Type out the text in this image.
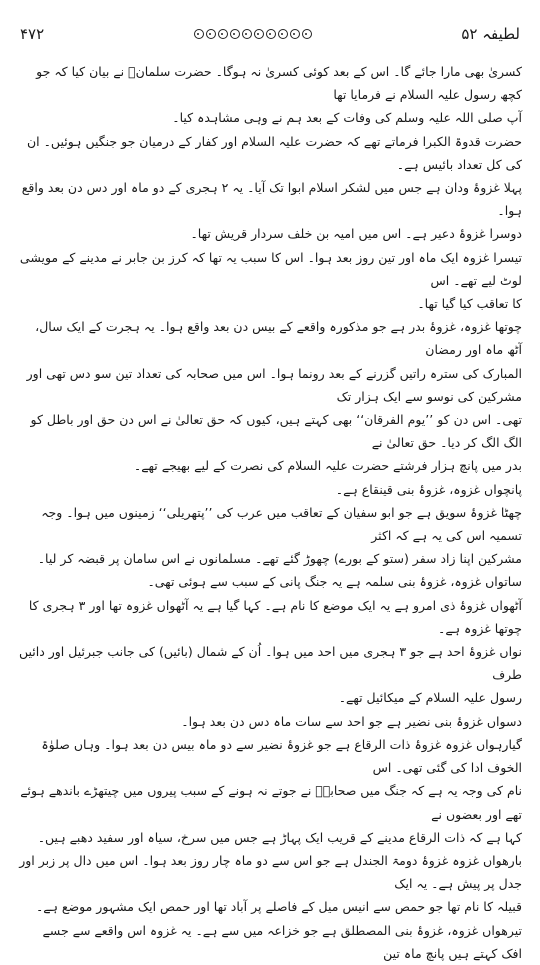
لطیفہ ۵۲
۴۷۲

کسریٰ بھی مارا جائے گا۔ اس کے بعد کوئی کسریٰ نہ ہوگا۔ حضرت سلمانؓ نے بیان کیا کہ جو کچھ رسول علیہ السلام نے فرمایا تھا

آپ صلی اللہ علیہ وسلم کی وفات کے بعد ہم نے وہی مشاہدہ کیا۔

حضرت قدوۃ الکبرا فرماتے تھے کہ حضرت علیہ السلام اور کفار کے درمیان جو جنگیں ہوئیں۔ ان کی کل تعداد بائیس ہے۔

پہلا غزوۂ ودان ہے جس میں لشکر اسلام ابوا تک آیا۔ یہ ۲ ہجری کے دو ماہ اور دس دن بعد واقع ہوا۔

دوسرا غزوۂ دعیر ہے۔ اس میں امیہ بن خلف سردار قریش تھا۔

تیسرا غزوہ ایک ماہ اور تین روز بعد ہوا۔ اس کا سبب یہ تھا کہ کرز بن جابر نے مدینے کے مویشی لوٹ لیے تھے۔ اس

کا تعاقب کیا گیا تھا۔

چوتھا غزوہ، غزوۂ بدر ہے جو مذکورہ واقعے کے بیس دن بعد واقع ہوا۔ یہ ہجرت کے ایک سال، آٹھ ماہ اور رمضان

المبارک کی سترہ راتیں گزرنے کے بعد رونما ہوا۔ اس میں صحابہ کی تعداد تین سو دس تھی اور مشرکین کی نوسو سے ایک ہزار تک

تھی۔ اس دن کو ’’یوم الفرقان‘‘ بھی کہتے ہیں، کیوں کہ حق تعالیٰ نے اس دن حق اور باطل کو الگ الگ کر دیا۔ حق تعالیٰ نے

بدر میں پانچ ہزار فرشتے حضرت علیہ السلام کی نصرت کے لیے بھیجے تھے۔

پانچواں غزوہ، غزوۂ بنی قینقاع ہے۔

چھٹا غزوۂ سویق ہے جو ابو سفیان کے تعاقب میں عرب کی ’’پتھریلی‘‘ زمینوں میں ہوا۔ وجہ تسمیہ اس کی یہ ہے کہ اکثر

مشرکین اپنا زاد سفر (ستو کے بورے) چھوڑ گئے تھے۔ مسلمانوں نے اس سامان پر قبضہ کر لیا۔

ساتواں غزوہ، غزوۂ بنی سلمہ ہے یہ جنگ پانی کے سبب سے ہوئی تھی۔

آٹھواں غزوۂ ذی امرو ہے یہ ایک موضع کا نام ہے۔ کہا گیا ہے یہ آٹھواں غزوہ تھا اور ۳ ہجری کا چوتھا غزوہ ہے۔

نواں غزوۂ احد ہے جو ۳ ہجری میں احد میں ہوا۔ اُن کے شمال (بائیں) کی جانب جبرئیل اور دائیں طرف

رسول علیہ السلام کے میکائیل تھے۔

دسواں غزوۂ بنی نضیر ہے جو احد سے سات ماہ دس دن بعد ہوا۔

گیارہواں غزوہ غزوۂ ذات الرقاع ہے جو غزوۂ نضیر سے دو ماہ بیس دن بعد ہوا۔ وہاں صلوٰۃ الخوف ادا کی گئی تھی۔ اس

نام کی وجہ یہ ہے کہ جنگ میں صحابہؓ نے جوتے نہ ہونے کے سبب پیروں میں چیتھڑے باندھے ہوئے تھے اور بعضوں نے

کہا ہے کہ ذات الرقاع مدینے کے قریب ایک پہاڑ ہے جس میں سرخ، سیاہ اور سفید دھبے ہیں۔

بارھواں غزوہ غزوۂ دومۃ الجندل ہے جو اس سے دو ماہ چار روز بعد ہوا۔ اس میں دال پر زبر اور جدل پر پیش ہے۔ یہ ایک

قبیلہ کا نام تھا جو حمص سے انیس میل کے فاصلے پر آباد تھا اور حمص ایک مشہور موضع ہے۔

تیرھواں غزوہ، غزوۂ بنی المصطلق ہے جو خزاعہ میں سے ہے۔ یہ غزوہ اس واقعے سے جسے افک کہتے ہیں پانچ ماہ تین
